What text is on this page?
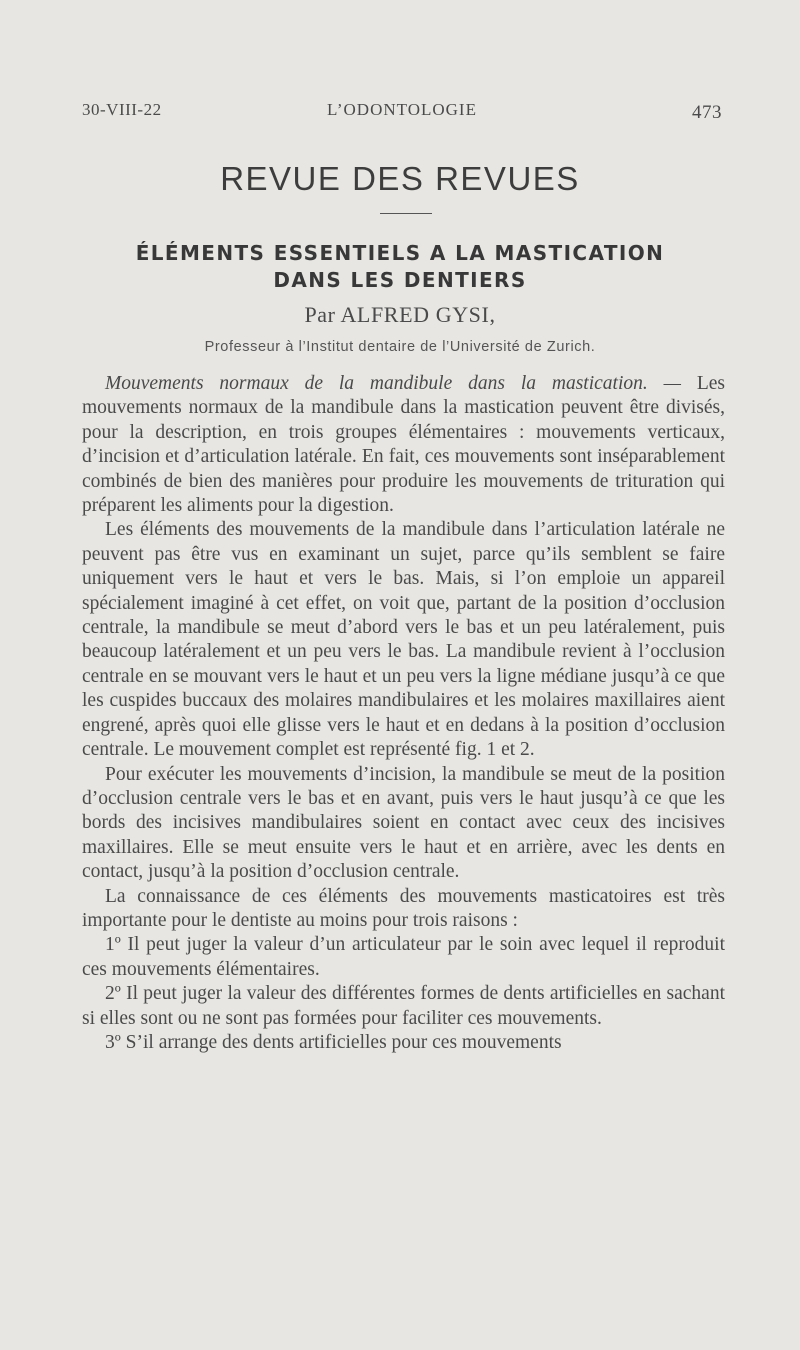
30-VIII-22	L’ODONTOLOGIE	473
REVUE DES REVUES
ÉLÉMENTS ESSENTIELS A LA MASTICATION
DANS LES DENTIERS
Par ALFRED GYSI,
Professeur à l’Institut dentaire de l’Université de Zurich.

Mouvements normaux de la mandibule dans la mastication. — Les mouvements normaux de la mandibule dans la mastication peuvent être divisés, pour la description, en trois groupes élémentaires : mouvements verticaux, d’incision et d’articulation latérale. En fait, ces mouvements sont inséparablement combinés de bien des manières pour produire les mouvements de trituration qui préparent les aliments pour la digestion.

Les éléments des mouvements de la mandibule dans l’articulation latérale ne peuvent pas être vus en examinant un sujet, parce qu’ils semblent se faire uniquement vers le haut et vers le bas. Mais, si l’on emploie un appareil spécialement imaginé à cet effet, on voit que, partant de la position d’occlusion centrale, la mandibule se meut d’abord vers le bas et un peu latéralement, puis beaucoup latéralement et un peu vers le bas. La mandibule revient à l’occlusion centrale en se mouvant vers le haut et un peu vers la ligne médiane jusqu’à ce que les cuspides buccaux des molaires mandibulaires et les molaires maxillaires aient engrené, après quoi elle glisse vers le haut et en dedans à la position d’occlusion centrale. Le mouvement complet est représenté fig. 1 et 2.

Pour exécuter les mouvements d’incision, la mandibule se meut de la position d’occlusion centrale vers le bas et en avant, puis vers le haut jusqu’à ce que les bords des incisives mandibulaires soient en contact avec ceux des incisives maxillaires. Elle se meut ensuite vers le haut et en arrière, avec les dents en contact, jusqu’à la position d’occlusion centrale.

La connaissance de ces éléments des mouvements masticatoires est très importante pour le dentiste au moins pour trois raisons :

1º Il peut juger la valeur d’un articulateur par le soin avec lequel il reproduit ces mouvements élémentaires.

2º Il peut juger la valeur des différentes formes de dents artificielles en sachant si elles sont ou ne sont pas formées pour faciliter ces mouvements.

3º S’il arrange des dents artificielles pour ces mouvements
